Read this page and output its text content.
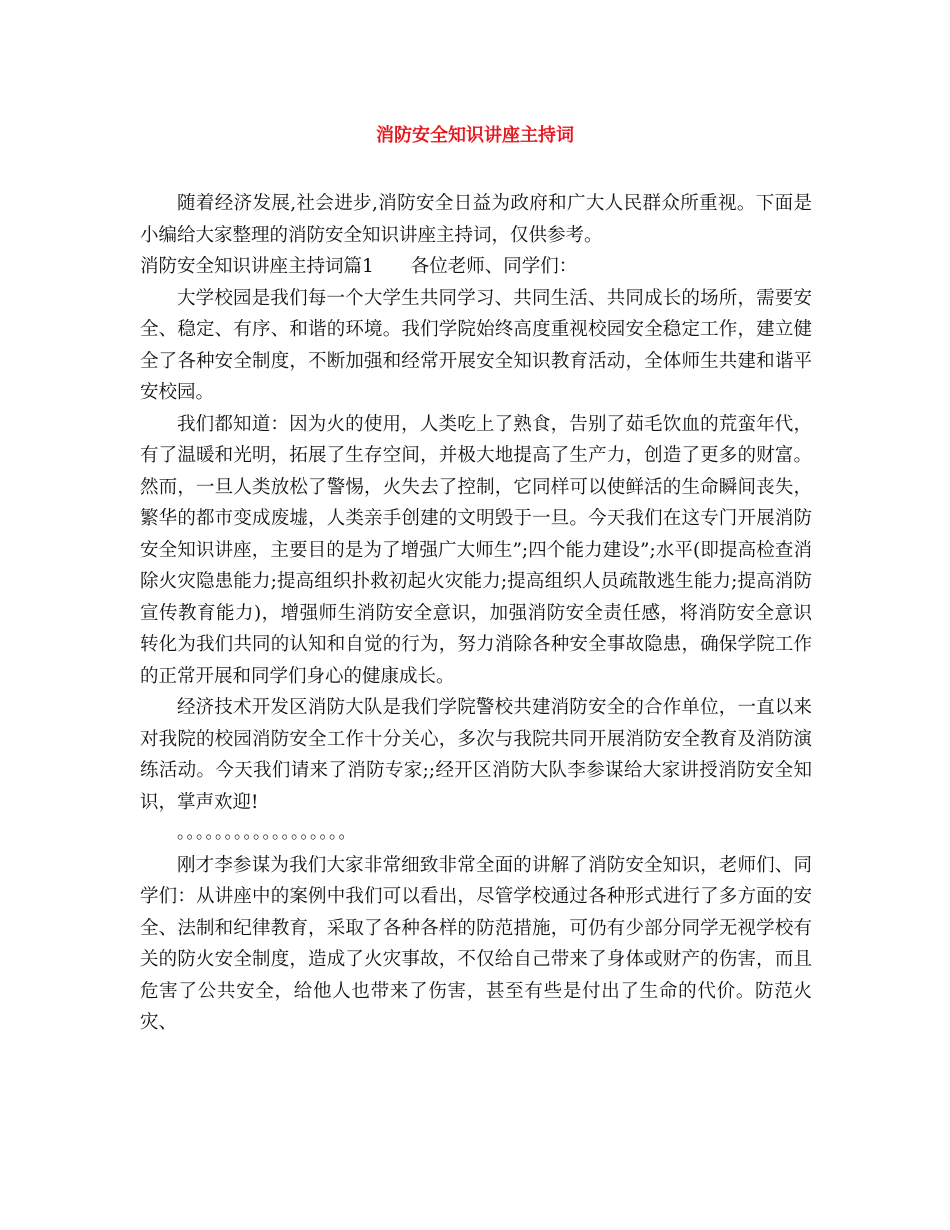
消防安全知识讲座主持词

随着经济发展,社会进步,消防安全日益为政府和广大人民群众所重视。下面是小编给大家整理的消防安全知识讲座主持词，仅供参考。

消防安全知识讲座主持词篇1　　各位老师、同学们：

大学校园是我们每一个大学生共同学习、共同生活、共同成长的场所，需要安全、稳定、有序、和谐的环境。我们学院始终高度重视校园安全稳定工作，建立健全了各种安全制度，不断加强和经常开展安全知识教育活动，全体师生共建和谐平安校园。

我们都知道：因为火的使用，人类吃上了熟食，告别了茹毛饮血的荒蛮年代，有了温暖和光明，拓展了生存空间，并极大地提高了生产力，创造了更多的财富。然而，一旦人类放松了警惕，火失去了控制，它同样可以使鲜活的生命瞬间丧失，繁华的都市变成废墟，人类亲手创建的文明毁于一旦。今天我们在这专门开展消防安全知识讲座，主要目的是为了增强广大师生”;四个能力建设”;水平(即提高检查消除火灾隐患能力;提高组织扑救初起火灾能力;提高组织人员疏散逃生能力;提高消防宣传教育能力)，增强师生消防安全意识，加强消防安全责任感，将消防安全意识转化为我们共同的认知和自觉的行为，努力消除各种安全事故隐患，确保学院工作的正常开展和同学们身心的健康成长。

经济技术开发区消防大队是我们学院警校共建消防安全的合作单位，一直以来对我院的校园消防安全工作十分关心，多次与我院共同开展消防安全教育及消防演练活动。今天我们请来了消防专家;;经开区消防大队李参谋给大家讲授消防安全知识，掌声欢迎!

。。。。。。。。。。。。。。。。。。

刚才李参谋为我们大家非常细致非常全面的讲解了消防安全知识，老师们、同学们：从讲座中的案例中我们可以看出，尽管学校通过各种形式进行了多方面的安全、法制和纪律教育，采取了各种各样的防范措施，可仍有少部分同学无视学校有关的防火安全制度，造成了火灾事故，不仅给自己带来了身体或财产的伤害，而且危害了公共安全，给他人也带来了伤害，甚至有些是付出了生命的代价。防范火灾、
